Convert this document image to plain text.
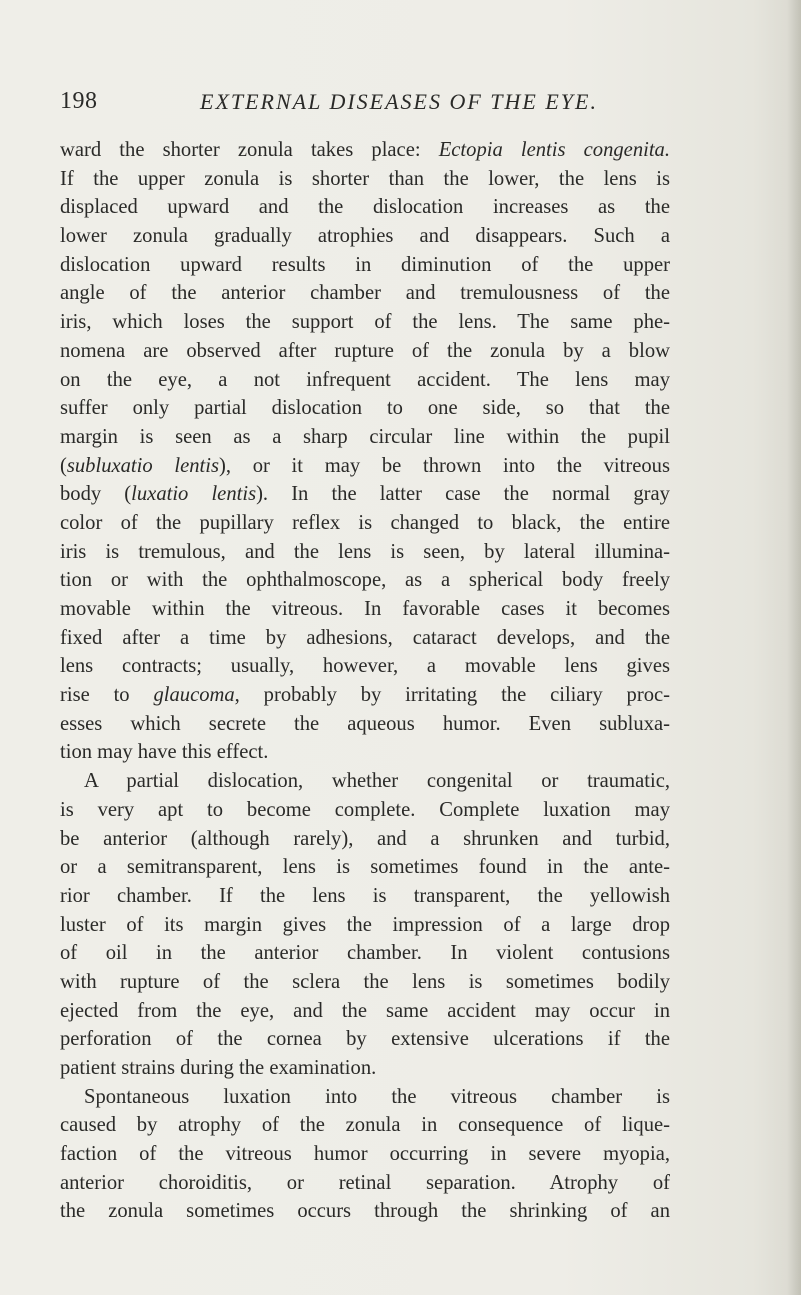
198	EXTERNAL DISEASES OF THE EYE.
ward the shorter zonula takes place: Ectopia lentis congenita.
If the upper zonula is shorter than the lower, the lens is
displaced upward and the dislocation increases as the
lower zonula gradually atrophies and disappears. Such a
dislocation upward results in diminution of the upper
angle of the anterior chamber and tremulousness of the
iris, which loses the support of the lens. The same phe-
nomena are observed after rupture of the zonula by a blow
on the eye, a not infrequent accident. The lens may
suffer only partial dislocation to one side, so that the
margin is seen as a sharp circular line within the pupil
(subluxatio lentis), or it may be thrown into the vitreous
body (luxatio lentis). In the latter case the normal gray
color of the pupillary reflex is changed to black, the entire
iris is tremulous, and the lens is seen, by lateral illumina-
tion or with the ophthalmoscope, as a spherical body freely
movable within the vitreous. In favorable cases it becomes
fixed after a time by adhesions, cataract develops, and the
lens contracts; usually, however, a movable lens gives
rise to glaucoma, probably by irritating the ciliary proc-
esses which secrete the aqueous humor. Even subluxa-
tion may have this effect.
A partial dislocation, whether congenital or traumatic,
is very apt to become complete. Complete luxation may
be anterior (although rarely), and a shrunken and turbid,
or a semitransparent, lens is sometimes found in the ante-
rior chamber. If the lens is transparent, the yellowish
luster of its margin gives the impression of a large drop
of oil in the anterior chamber. In violent contusions
with rupture of the sclera the lens is sometimes bodily
ejected from the eye, and the same accident may occur in
perforation of the cornea by extensive ulcerations if the
patient strains during the examination.
Spontaneous luxation into the vitreous chamber is
caused by atrophy of the zonula in consequence of lique-
faction of the vitreous humor occurring in severe myopia,
anterior choroiditis, or retinal separation. Atrophy of
the zonula sometimes occurs through the shrinking of an
